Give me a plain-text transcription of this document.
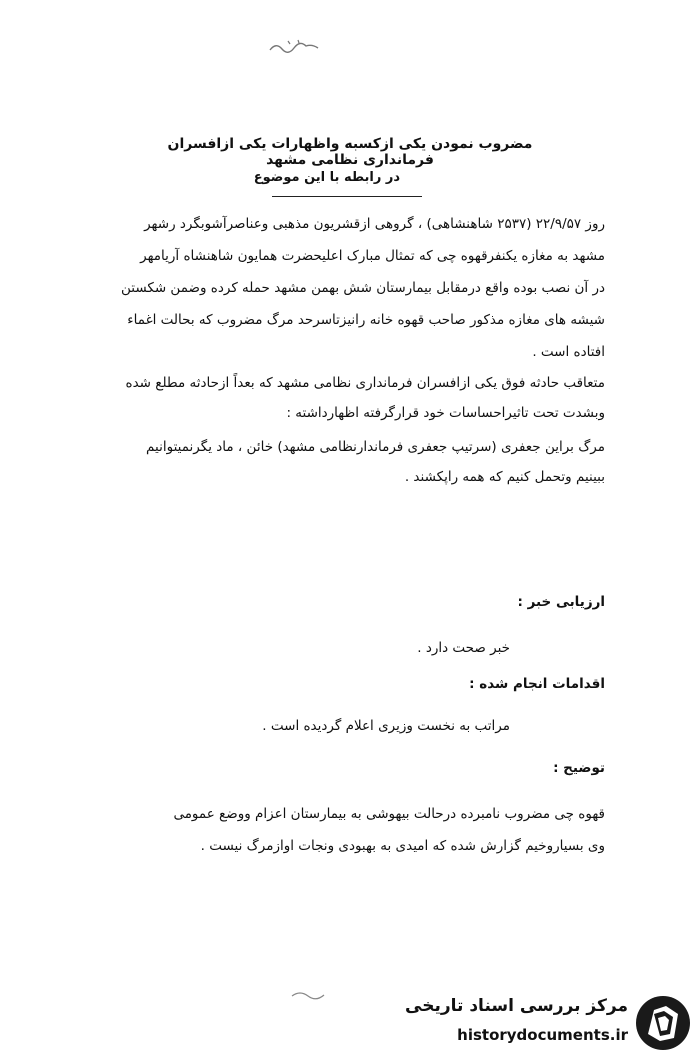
مضروب نمودن یکی ازکسبه واظهارات یکی ازافسران فرمانداری نظامی مشهد
در رابطه با این موضوع

روز ۲۲/۹/۵۷ (۲۵۳۷ شاهنشاهی) ، گروهی ازقشریون مذهبی وعناصرآشوبگرد رشهر

مشهد به مغازه یکنفرقهوه چی که تمثال مبارک اعلیحضرت همایون شاهنشاه آریامهر

در آن نصب بوده واقع درمقابل بیمارستان شش بهمن مشهد حمله کرده وضمن شکستن

شیشه های مغازه مذکور صاحب قهوه خانه رانیزتاسرحد مرگ مضروب که بحالت اغماء

افتاده است .

متعاقب حادثه فوق یکی ازافسران فرمانداری نظامی مشهد که بعداً ازحادثه مطلع شده

وبشدت تحت تاثیراحساسات خود قرارگرفته اظهارداشته :

مرگ براین جعفری (سرتیپ جعفری فرماندارنظامی مشهد) خائن ، ماد یگرنمیتوانیم

ببینیم وتحمل کنیم که همه راپکشند .

ارزیابی خبر :
خبر صحت دارد .
اقدامات انجام شده :
مراتب به نخست وزیری اعلام گردیده است .
توضیح :

قهوه چی مضروب نامبرده درحالت بیهوشی به بیمارستان اعزام ووضع عمومی

وی بسیاروخیم گزارش شده که امیدی به بهبودی ونجات اوازمرگ نیست .

مرکز بررسی اسناد تاریخی
historydocuments.ir
